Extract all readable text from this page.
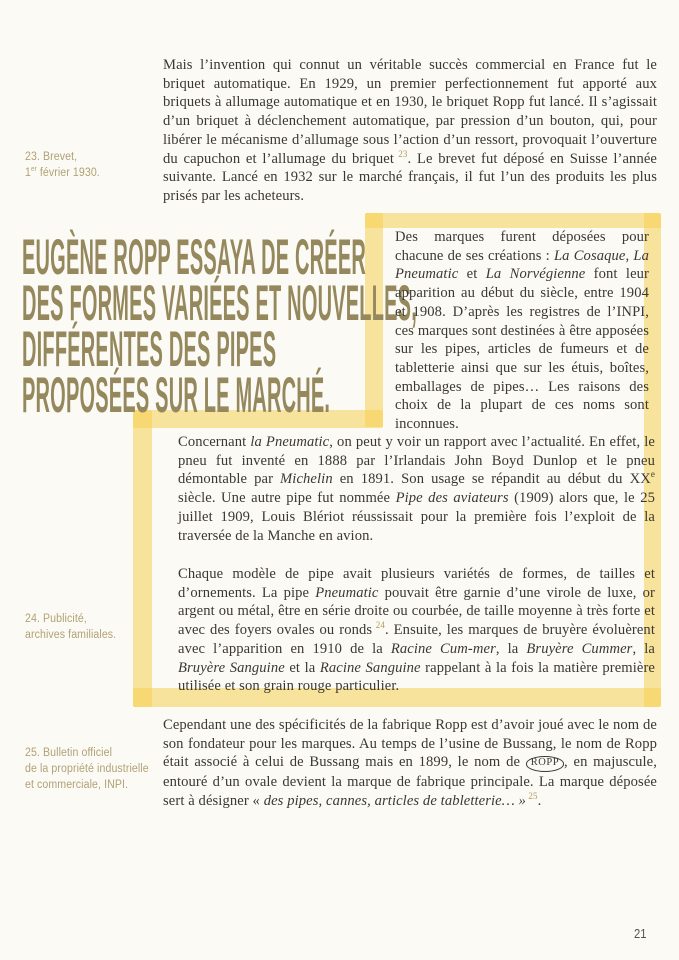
23. Brevet,
1er février 1930.
24. Publicité,
archives familiales.
25. Bulletin officiel
de la propriété industrielle
et commerciale, INPI.
Mais l’invention qui connut un véritable succès commercial en France fut le briquet automatique. En 1929, un premier perfectionnement fut apporté aux briquets à allumage automatique et en 1930, le briquet Ropp fut lancé. Il s’agissait d’un briquet à déclenchement automatique, par pression d’un bouton, qui, pour libérer le mécanisme d’allumage sous l’action d’un ressort, provoquait l’ouverture du capuchon et l’allumage du briquet $^{23}$. Le brevet fut déposé en Suisse l’année suivante. Lancé en 1932 sur le marché français, il fut l’un des produits les plus prisés par les acheteurs.
EUGÈNE ROPP ESSAYA DE CRÉER
DES FORMES VARIÉES ET NOUVELLES,
DIFFÉRENTES DES PIPES
PROPOSÉES SUR LE MARCHÉ.
Des marques furent déposées pour chacune de ses créations : La Cosaque, La Pneumatic et La Norvégienne font leur apparition au début du siècle, entre 1904 et 1908. D’après les registres de l’INPI, ces marques sont destinées à être apposées sur les pipes, articles de fumeurs et de tabletterie ainsi que sur les étuis, boîtes, emballages de pipes… Les raisons des choix de la plupart de ces noms sont inconnues.
Concernant la Pneumatic, on peut y voir un rapport avec l’actualité. En effet, le pneu fut inventé en 1888 par l’Irlandais John Boyd Dunlop et le pneu démontable par Michelin en 1891. Son usage se répandit au début du XXe siècle. Une autre pipe fut nommée Pipe des aviateurs (1909) alors que, le 25 juillet 1909, Louis Blériot réussissait pour la première fois l’exploit de la traversée de la Manche en avion.
Chaque modèle de pipe avait plusieurs variétés de formes, de tailles et d’ornements. La pipe Pneumatic pouvait être garnie d’une virole de luxe, or argent ou métal, être en série droite ou courbée, de taille moyenne à très forte et avec des foyers ovales ou ronds $^{24}$. Ensuite, les marques de bruyère évoluèrent avec l’apparition en 1910 de la Racine Cum-mer, la Bruyère Cummer, la Bruyère Sanguine et la Racine Sanguine rappelant à la fois la matière première utilisée et son grain rouge particulier.
Cependant une des spécificités de la fabrique Ropp est d’avoir joué avec le nom de son fondateur pour les marques. Au temps de l’usine de Bussang, le nom de Ropp était associé à celui de Bussang mais en 1899, le nom de ROPP , en majuscule, entouré d’un ovale devient la marque de fabrique principale. La marque déposée sert à désigner « des pipes, cannes, articles de tabletterie… » $^{25}$.
21
